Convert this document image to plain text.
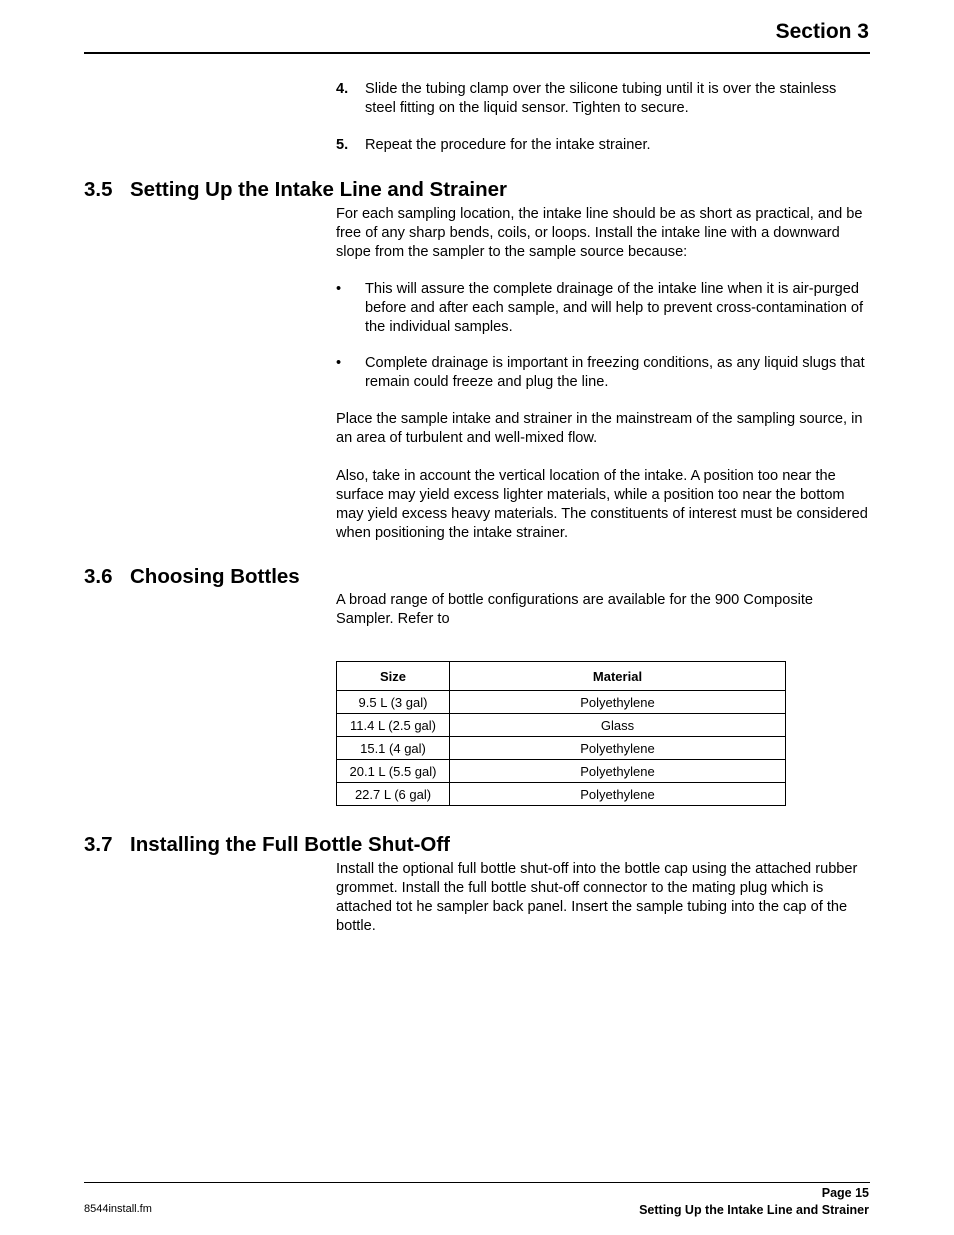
Section 3
4. Slide the tubing clamp over the silicone tubing until it is over the stainless steel fitting on the liquid sensor. Tighten to secure.
5. Repeat the procedure for the intake strainer.
3.5 Setting Up the Intake Line and Strainer
For each sampling location, the intake line should be as short as practical, and be free of any sharp bends, coils, or loops. Install the intake line with a downward slope from the sampler to the sample source because:
• This will assure the complete drainage of the intake line when it is air-purged before and after each sample, and will help to prevent cross-contamination of the individual samples.
• Complete drainage is important in freezing conditions, as any liquid slugs that remain could freeze and plug the line.
Place the sample intake and strainer in the mainstream of the sampling source, in an area of turbulent and well-mixed flow.
Also, take in account the vertical location of the intake. A position too near the surface may yield excess lighter materials, while a position too near the bottom may yield excess heavy materials. The constituents of interest must be considered when positioning the intake strainer.
3.6 Choosing Bottles
A broad range of bottle configurations are available for the 900 Composite Sampler. Refer to
Size	Material
9.5 L (3 gal)	Polyethylene
11.4 L (2.5 gal)	Glass
15.1 (4 gal)	Polyethylene
20.1 L (5.5 gal)	Polyethylene
22.7 L (6 gal)	Polyethylene
3.7 Installing the Full Bottle Shut-Off
Install the optional full bottle shut-off into the bottle cap using the attached rubber grommet. Install the full bottle shut-off connector to the mating plug which is attached tot he sampler back panel. Insert the sample tubing into the cap of the bottle.
8544install.fm
Page 15
Setting Up the Intake Line and Strainer
